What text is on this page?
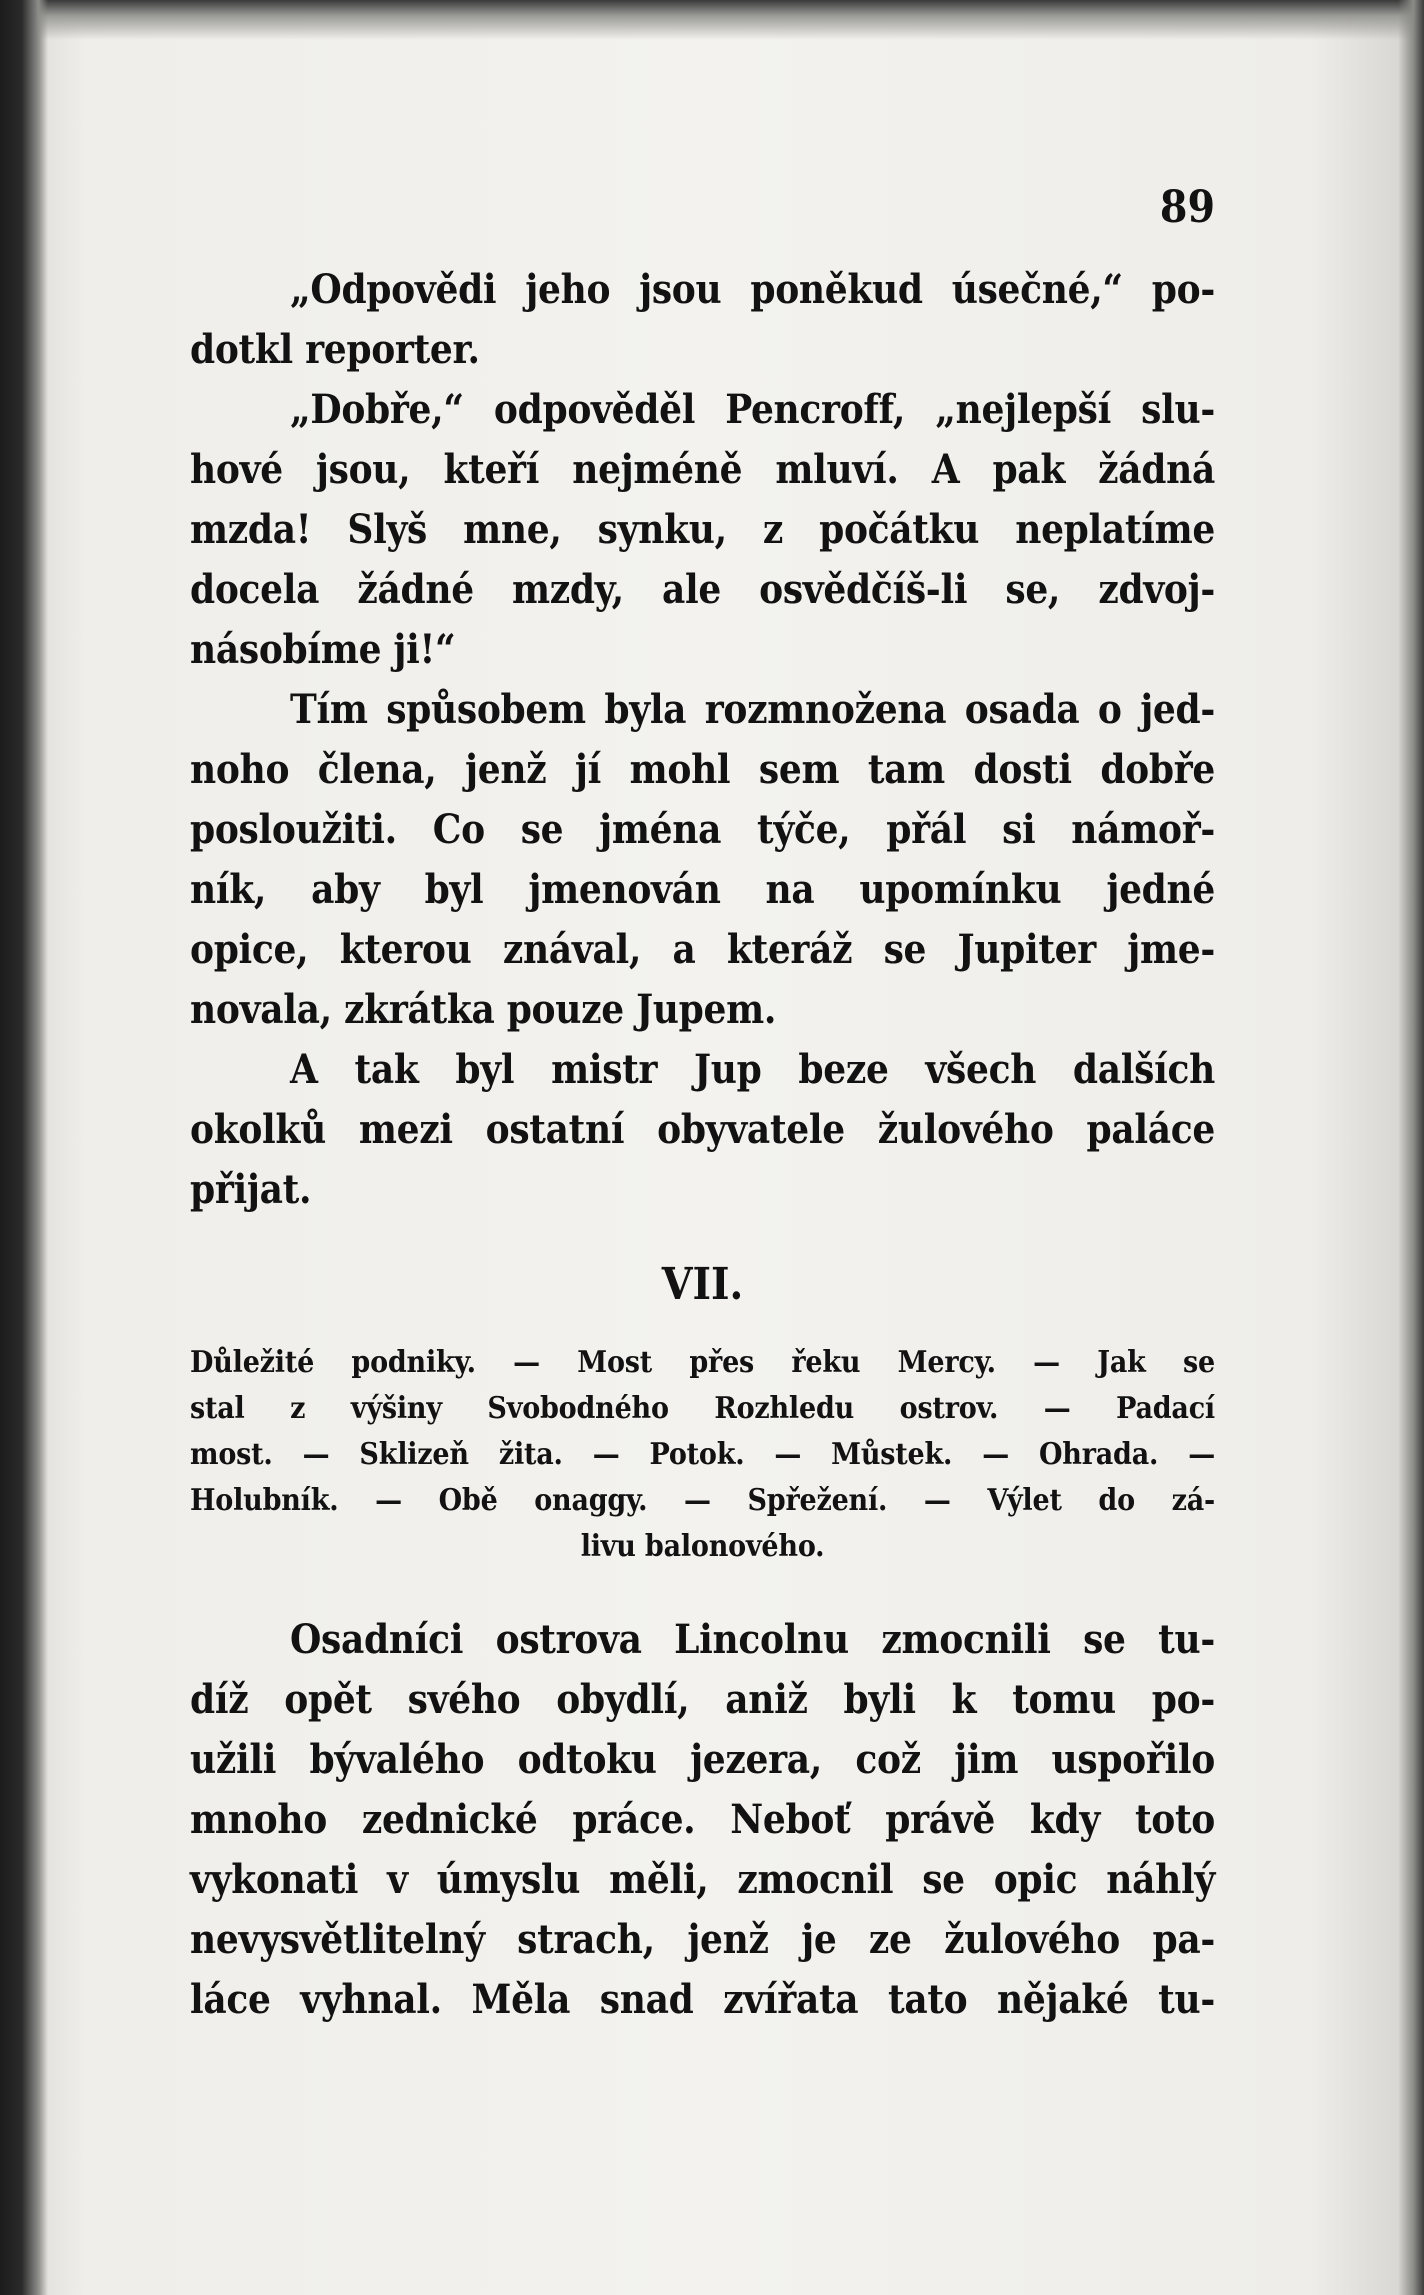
89
„Odpovědi jeho jsou poněkud úsečné,“ po-
dotkl reporter.
„Dobře,“ odpověděl Pencroff, „nejlepší slu-
hové jsou, kteří nejméně mluví. A pak žádná
mzda! Slyš mne, synku, z počátku neplatíme
docela žádné mzdy, ale osvědčíš-li se, zdvoj-
násobíme ji!“
Tím spůsobem byla rozmnožena osada o jed-
noho člena, jenž jí mohl sem tam dosti dobře
posloužiti. Co se jména týče, přál si námoř-
ník, aby byl jmenován na upomínku jedné
opice, kterou znával, a kteráž se Jupiter jme-
novala, zkrátka pouze Jupem.
A tak byl mistr Jup beze všech dalších
okolků mezi ostatní obyvatele žulového paláce
přijat.
VII.
Důležité podniky. — Most přes řeku Mercy. — Jak se
stal z výšiny Svobodného Rozhledu ostrov. — Padací
most. — Sklizeň žita. — Potok. — Můstek. — Ohrada. —
Holubník. — Obě onaggy. — Spřežení. — Výlet do zá-
livu balonového.
Osadníci ostrova Lincolnu zmocnili se tu-
díž opět svého obydlí, aniž byli k tomu po-
užili bývalého odtoku jezera, což jim uspořilo
mnoho zednické práce. Neboť právě kdy toto
vykonati v úmyslu měli, zmocnil se opic náhlý
nevysvětlitelný strach, jenž je ze žulového pa-
láce vyhnal. Měla snad zvířata tato nějaké tu-
